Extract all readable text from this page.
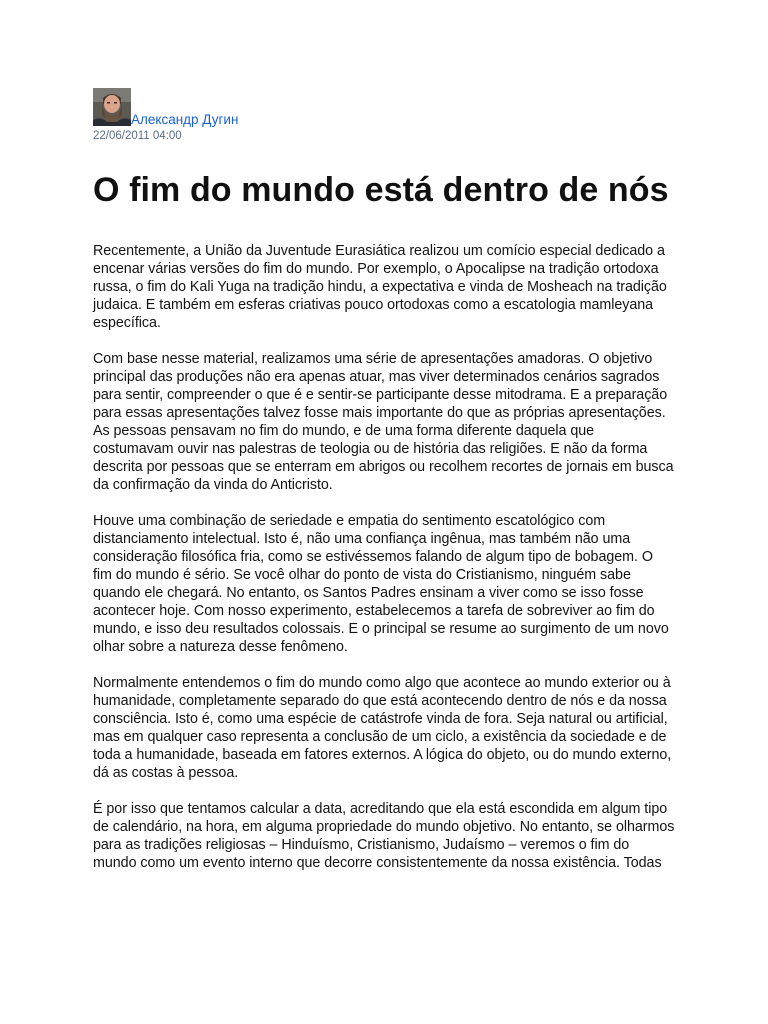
Александр Дугин
22/06/2011 04:00
O fim do mundo está dentro de nós

Recentemente, a União da Juventude Eurasiática realizou um comício especial dedicado a encenar várias versões do fim do mundo. Por exemplo, o Apocalipse na tradição ortodoxa russa, o fim do Kali Yuga na tradição hindu, a expectativa e vinda de Mosheach na tradição judaica. E também em esferas criativas pouco ortodoxas como a escatologia mamleyana específica.

Com base nesse material, realizamos uma série de apresentações amadoras. O objetivo principal das produções não era apenas atuar, mas viver determinados cenários sagrados para sentir, compreender o que é e sentir-se participante desse mitodrama. E a preparação para essas apresentações talvez fosse mais importante do que as próprias apresentações. As pessoas pensavam no fim do mundo, e de uma forma diferente daquela que costumavam ouvir nas palestras de teologia ou de história das religiões. E não da forma descrita por pessoas que se enterram em abrigos ou recolhem recortes de jornais em busca da confirmação da vinda do Anticristo.

Houve uma combinação de seriedade e empatia do sentimento escatológico com distanciamento intelectual. Isto é, não uma confiança ingênua, mas também não uma consideração filosófica fria, como se estivéssemos falando de algum tipo de bobagem. O fim do mundo é sério. Se você olhar do ponto de vista do Cristianismo, ninguém sabe quando ele chegará. No entanto, os Santos Padres ensinam a viver como se isso fosse acontecer hoje. Com nosso experimento, estabelecemos a tarefa de sobreviver ao fim do mundo, e isso deu resultados colossais. E o principal se resume ao surgimento de um novo olhar sobre a natureza desse fenômeno.

Normalmente entendemos o fim do mundo como algo que acontece ao mundo exterior ou à humanidade, completamente separado do que está acontecendo dentro de nós e da nossa consciência. Isto é, como uma espécie de catástrofe vinda de fora. Seja natural ou artificial, mas em qualquer caso representa a conclusão de um ciclo, a existência da sociedade e de toda a humanidade, baseada em fatores externos. A lógica do objeto, ou do mundo externo, dá as costas à pessoa.

É por isso que tentamos calcular a data, acreditando que ela está escondida em algum tipo de calendário, na hora, em alguma propriedade do mundo objetivo. No entanto, se olharmos para as tradições religiosas – Hinduísmo, Cristianismo, Judaísmo – veremos o fim do mundo como um evento interno que decorre consistentemente da nossa existência. Todas
